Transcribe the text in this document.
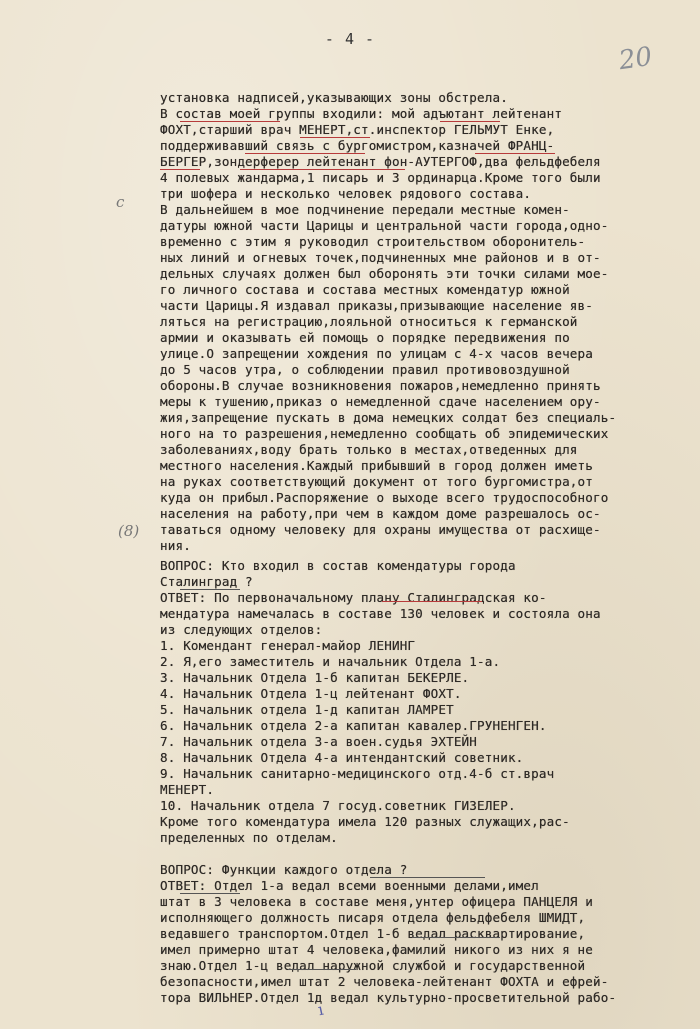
- 4 -
20
c
(8)
ı
установка надписей,указывающих зоны обстрела.
В состав моей группы входили: мой адъютант лейтенант
ФОХТ,старший врач МЕНЕРТ,ст.инспектор ГЕЛЬМУТ Енке,
поддерживавший связь с бургомистром,казначей ФРАНЦ-
БЕРГЕР,зондерферер лейтенант фон-АУТЕРГОФ,два фельдфебеля
4 полевых жандарма,1 писарь и 3 ординарца.Кроме того были
три шофера и несколько человек рядового состава.
В дальнейшем в мое подчинение передали местные комен-
датуры южной части Царицы и центральной части города,одно-
временно с этим я руководил строительством оборонитель-
ных линий и огневых точек,подчиненных мне районов и в от-
дельных случаях должен был оборонять эти точки силами мое-
го личного состава и состава местных комендатур южной
части Царицы.Я издавал приказы,призывающие население яв-
ляться на регистрацию,лояльной относиться к германской
армии и оказывать ей помощь о порядке передвижения по
улице.О запрещении хождения по улицам с 4-х часов вечера
до 5 часов утра, о соблюдении правил противовоздушной
обороны.В случае возникновения пожаров,немедленно принять
меры к тушению,приказ о немедленной сдаче населением ору-
жия,запрещение пускать в дома немецких солдат без специаль-
ного на то разрешения,немедленно сообщать об эпидемических
заболеваниях,воду брать только в местах,отведенных для
местного населения.Каждый прибывший в город должен иметь
на руках соответствующий документ от того бургомистра,от
куда он прибыл.Распоряжение о выходе всего трудоспособного
населения на работу,при чем в каждом доме разрешалось ос-
таваться одному человеку для охраны имущества от расхище-
ния.
ВОПРОС: Кто входил в состав комендатуры города
Сталинград ?
ОТВЕТ: По первоначальному плану Сталинградская ко-
мендатура намечалась в составе 130 человек и состояла она
из следующих отделов:
1. Комендант генерал-майор ЛЕНИНГ
2. Я,его заместитель и начальник Отдела 1-а.
3. Начальник Отдела 1-б капитан БЕКЕРЛЕ.
4. Начальник Отдела 1-ц лейтенант ФОХТ.
5. Начальник отдела 1-д капитан ЛАМРЕТ
6. Начальник отдела 2-а капитан кавалер.ГРУНЕНГЕН.
7. Начальник отдела 3-а воен.судья ЭХТЕЙН
8. Начальник Отдела 4-а интендантский советник.
9. Начальник санитарно-медицинского отд.4-б ст.врач
МЕНЕРТ.
10. Начальник отдела 7 госуд.советник ГИЗЕЛЕР.
Кроме того комендатура имела 120 разных служащих,рас-
пределенных по отделам.
ВОПРОС: Функции каждого отдела ?
ОТВЕТ: Отдел 1-а ведал всеми военными делами,имел
штат в 3 человека в составе меня,унтер офицера ПАНЦЕЛЯ и
исполняющего должность писаря отдела фельдфебеля ШМИДТ,
ведавшего транспортом.Отдел 1-б ведал расквартирование,
имел примерно штат 4 человека,фамилий никого из них я не
знаю.Отдел 1-ц ведал наружной службой и государственной
безопасности,имел штат 2 человека-лейтенант ФОХТА и ефрей-
тора ВИЛЬНЕР.Отдел 1д ведал культурно-просветительной рабо-
